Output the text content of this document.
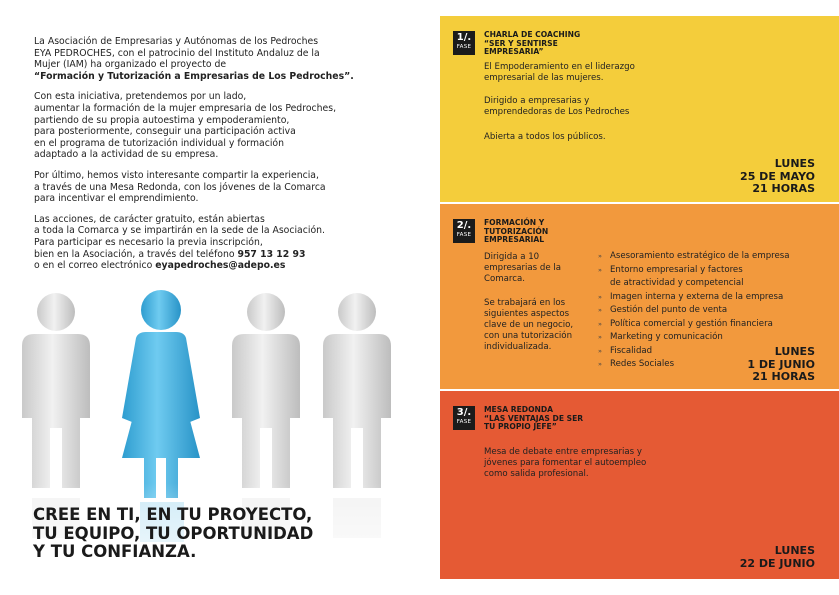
La Asociación de Empresarias y Autónomas de los Pedroches
EYA PEDROCHES, con el patrocinio del Instituto Andaluz de la
Mujer (IAM) ha organizado el proyecto de
“Formación y Tutorización a Empresarias de Los Pedroches”.

Con esta iniciativa, pretendemos por un lado,
aumentar la formación de la mujer empresaria de los Pedroches,
partiendo de su propia autoestima y empoderamiento,
para posteriormente, conseguir una participación activa
en el programa de tutorización individual y formación
adaptado a la actividad de su empresa.

Por último, hemos visto interesante compartir la experiencia,
a través de una Mesa Redonda, con los jóvenes de la Comarca
para incentivar el emprendimiento.

Las acciones, de carácter gratuito, están abiertas
a toda la Comarca y se impartirán en la sede de la Asociación.
Para participar es necesario la previa inscripción,
bien en la Asociación, a través del teléfono 957 13 12 93
o en el correo electrónico eyapedroches@adepo.es

CREE EN TI, EN TU PROYECTO,
TU EQUIPO, TU OPORTUNIDAD
Y TU CONFIANZA.
1/.
FASE
CHARLA DE COACHING
“SER Y SENTIRSE
EMPRESARIA”
El Empoderamiento en el liderazgo
empresarial de las mujeres.
Dirigido a empresarias y
emprendedoras de Los Pedroches
Abierta a todos los públicos.
LUNES
25 DE MAYO
21 HORAS
2/.
FASE
FORMACIÓN Y
TUTORIZACIÓN
EMPRESARIAL
Dirigida a 10
empresarias de la
Comarca.
Se trabajará en los
siguientes aspectos
clave de un negocio,
con una tutorización
individualizada.
» Asesoramiento estratégico de la empresa
» Entorno empresarial y factores
de atractividad y competencial
» Imagen interna y externa de la empresa
» Gestión del punto de venta
» Política comercial y gestión financiera
» Marketing y comunicación
» Fiscalidad
» Redes Sociales
LUNES
1 DE JUNIO
21 HORAS
3/.
FASE
MESA REDONDA
“LAS VENTAJAS DE SER
TU PROPIO JEFE”
Mesa de debate entre empresarias y
jóvenes para fomentar el autoempleo
como salida profesional.
LUNES
22 DE JUNIO
